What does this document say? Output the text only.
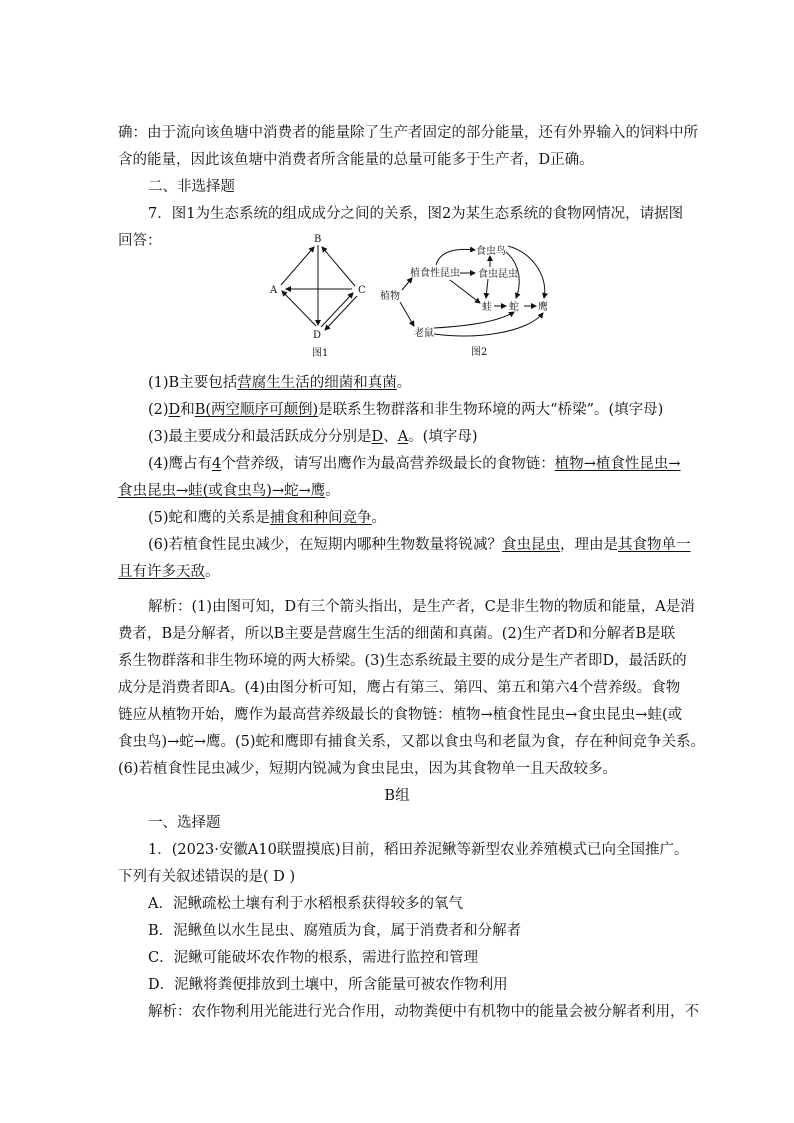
确：由于流向该鱼塘中消费者的能量除了生产者固定的部分能量，还有外界输入的饲料中所
含的能量，因此该鱼塘中消费者所含能量的总量可能多于生产者，D正确。
二、非选择题
7．图1为生态系统的组成成分之间的关系，图2为某生态系统的食物网情况，请据图
回答：	B
A	C
D
图1
食虫鸟
植食性昆虫 食虫昆虫
植物
蛙 蛇 鹰
老鼠
图2
(1)B主要包括营腐生生活的细菌和真菌。
(2)D和B(两空顺序可颠倒)是联系生物群落和非生物环境的两大“桥梁”。(填字母)
(3)最主要成分和最活跃成分分别是D、A。(填字母)
(4)鹰占有4个营养级，请写出鹰作为最高营养级最长的食物链：植物→植食性昆虫→
食虫昆虫→蛙(或食虫鸟)→蛇→鹰。
(5)蛇和鹰的关系是捕食和种间竞争。
(6)若植食性昆虫减少，在短期内哪种生物数量将锐减？食虫昆虫，理由是其食物单一
且有许多天敌。
解析：(1)由图可知，D有三个箭头指出，是生产者，C是非生物的物质和能量，A是消
费者，B是分解者，所以B主要是营腐生生活的细菌和真菌。(2)生产者D和分解者B是联
系生物群落和非生物环境的两大桥梁。(3)生态系统最主要的成分是生产者即D，最活跃的
成分是消费者即A。(4)由图分析可知，鹰占有第三、第四、第五和第六4个营养级。食物
链应从植物开始，鹰作为最高营养级最长的食物链：植物→植食性昆虫→食虫昆虫→蛙(或
食虫鸟)→蛇→鹰。(5)蛇和鹰即有捕食关系，又都以食虫鸟和老鼠为食，存在种间竞争关系。
(6)若植食性昆虫减少，短期内锐减为食虫昆虫，因为其食物单一且天敌较多。
B组
一、选择题
1．(2023·安徽A10联盟摸底)目前，稻田养泥鳅等新型农业养殖模式已向全国推广。
下列有关叙述错误的是( D )
A．泥鳅疏松土壤有利于水稻根系获得较多的氧气
B．泥鳅鱼以水生昆虫、腐殖质为食，属于消费者和分解者
C．泥鳅可能破坏农作物的根系，需进行监控和管理
D．泥鳅将粪便排放到土壤中，所含能量可被农作物利用
解析：农作物利用光能进行光合作用，动物粪便中有机物中的能量会被分解者利用，不
